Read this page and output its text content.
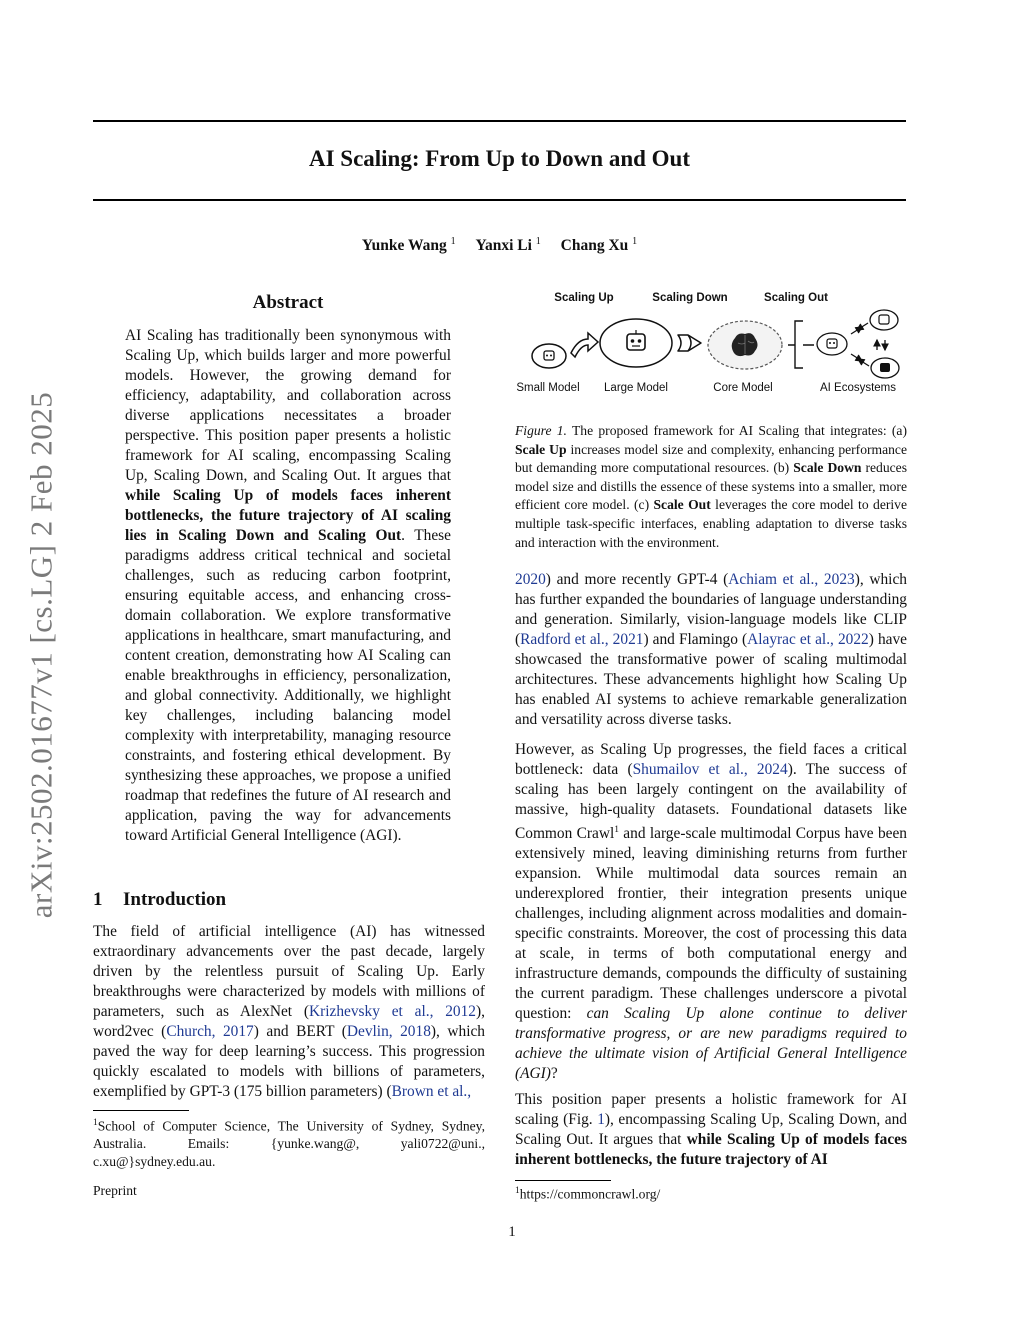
AI Scaling: From Up to Down and Out
Yunke Wang $^1$ Yanxi Li $^1$ Chang Xu $^1$
arXiv:2502.01677v1 [cs.LG] 2 Feb 2025
Abstract

AI Scaling has traditionally been synonymous with Scaling Up, which builds larger and more powerful models. However, the growing demand for efficiency, adaptability, and collaboration across diverse applications necessitates a broader perspective. This position paper presents a holistic framework for AI scaling, encompassing Scaling Up, Scaling Down, and Scaling Out. It argues that while Scaling Up of models faces inherent bottlenecks, the future trajectory of AI scaling lies in Scaling Down and Scaling Out. These paradigms address critical technical and societal challenges, such as reducing carbon footprint, ensuring equitable access, and enhancing cross-domain collaboration. We explore transformative applications in healthcare, smart manufacturing, and content creation, demonstrating how AI Scaling can enable breakthroughs in efficiency, personalization, and global connectivity. Additionally, we highlight key challenges, including balancing model complexity with interpretability, managing resource constraints, and fostering ethical development. By synthesizing these approaches, we propose a unified roadmap that redefines the future of AI research and application, paving the way for advancements toward Artificial General Intelligence (AGI).

1 Introduction

The field of artificial intelligence (AI) has witnessed extraordinary advancements over the past decade, largely driven by the relentless pursuit of Scaling Up. Early breakthroughs were characterized by models with millions of parameters, such as AlexNet (Krizhevsky et al., 2012), word2vec (Church, 2017) and BERT (Devlin, 2018), which paved the way for deep learning’s success. This progression quickly escalated to models with billions of parameters, exemplified by GPT-3 (175 billion parameters) (Brown et al.,

$^1$School of Computer Science, The University of Sydney, Sydney, Australia. Emails: {yunke.wang@, yali0722@uni., c.xu@}sydney.edu.au.

Preprint
Scaling Up	Scaling Down	Scaling Out
Small Model Large Model	Core Model	AI Ecosystems

Figure 1. The proposed framework for AI Scaling that integrates: (a) Scale Up increases model size and complexity, enhancing performance but demanding more computational resources. (b) Scale Down reduces model size and distills the essence of these systems into a smaller, more efficient core model. (c) Scale Out leverages the core model to derive multiple task-specific interfaces, enabling adaptation to diverse tasks and interaction with the environment.

2020) and more recently GPT-4 (Achiam et al., 2023), which has further expanded the boundaries of language understanding and generation. Similarly, vision-language models like CLIP (Radford et al., 2021) and Flamingo (Alayrac et al., 2022) have showcased the transformative power of scaling multimodal architectures. These advancements highlight how Scaling Up has enabled AI systems to achieve remarkable generalization and versatility across diverse tasks.

However, as Scaling Up progresses, the field faces a critical bottleneck: data (Shumailov et al., 2024). The success of scaling has been largely contingent on the availability of massive, high-quality datasets. Foundational datasets like Common Crawl$^1$ and large-scale multimodal Corpus have been extensively mined, leaving diminishing returns from further expansion. While multimodal data sources remain an underexplored frontier, their integration presents unique challenges, including alignment across modalities and domain-specific constraints. Moreover, the cost of processing this data at scale, in terms of both computational energy and infrastructure demands, compounds the difficulty of sustaining the current paradigm. These challenges underscore a pivotal question: can Scaling Up alone continue to deliver transformative progress, or are new paradigms required to achieve the ultimate vision of Artificial General Intelligence (AGI)?

This position paper presents a holistic framework for AI scaling (Fig. 1), encompassing Scaling Up, Scaling Down, and Scaling Out. It argues that while Scaling Up of models faces inherent bottlenecks, the future trajectory of AI

$^1$https://commoncrawl.org/

1
